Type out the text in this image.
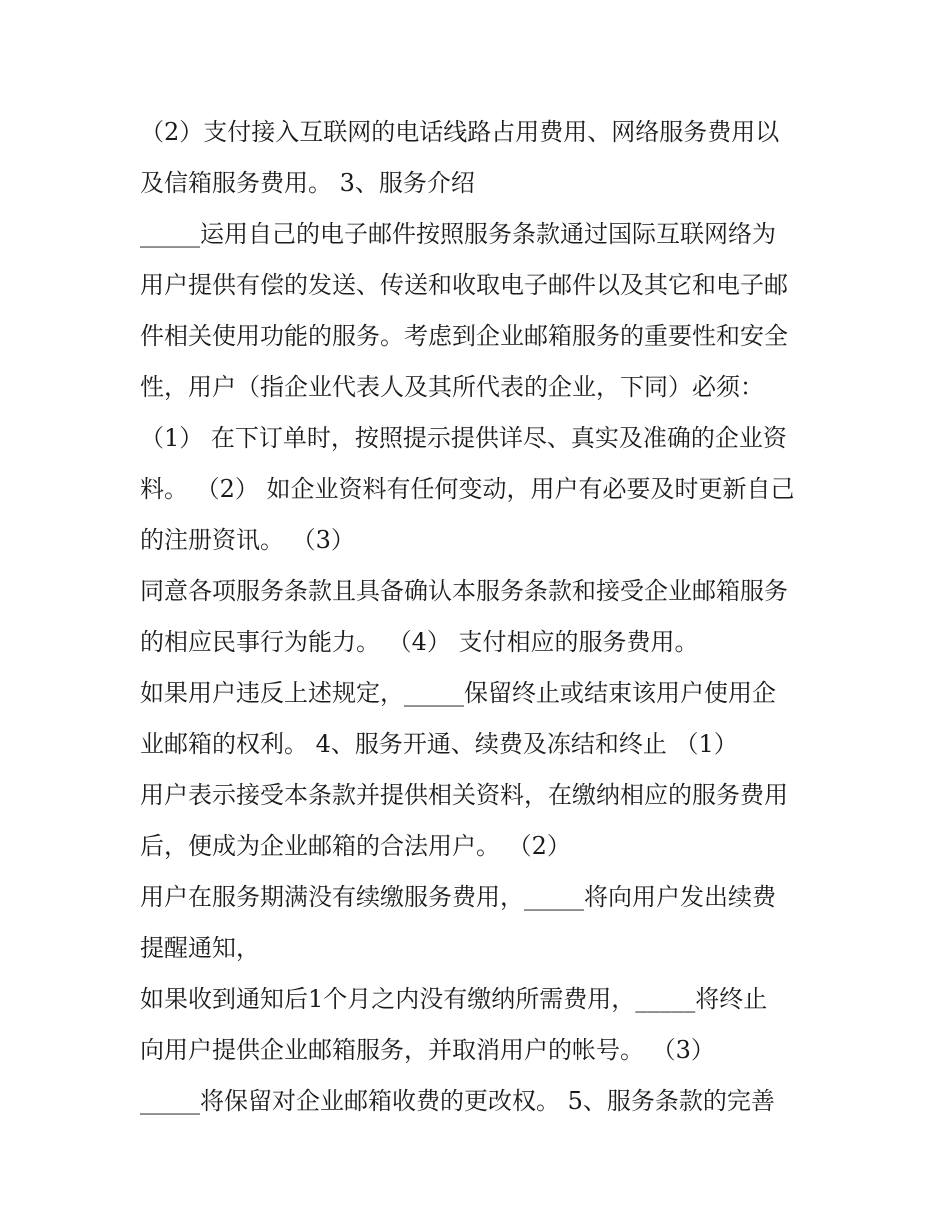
（2）支付接入互联网的电话线路占用费用、网络服务费用以
及信箱服务费用。 3、服务介绍
_____运用自己的电子邮件按照服务条款通过国际互联网络为
用户提供有偿的发送、传送和收取电子邮件以及其它和电子邮
件相关使用功能的服务。考虑到企业邮箱服务的重要性和安全
性，用户（指企业代表人及其所代表的企业，下同）必须：
（1） 在下订单时，按照提示提供详尽、真实及准确的企业资
料。 （2） 如企业资料有任何变动，用户有必要及时更新自己
的注册资讯。 （3）
同意各项服务条款且具备确认本服务条款和接受企业邮箱服务
的相应民事行为能力。 （4） 支付相应的服务费用。
如果用户违反上述规定，_____保留终止或结束该用户使用企
业邮箱的权利。 4、服务开通、续费及冻结和终止 （1）
用户表示接受本条款并提供相关资料，在缴纳相应的服务费用
后，便成为企业邮箱的合法用户。 （2）
用户在服务期满没有续缴服务费用，_____将向用户发出续费
提醒通知，
如果收到通知后1个月之内没有缴纳所需费用，_____将终止
向用户提供企业邮箱服务，并取消用户的帐号。 （3）
_____将保留对企业邮箱收费的更改权。 5、服务条款的完善
